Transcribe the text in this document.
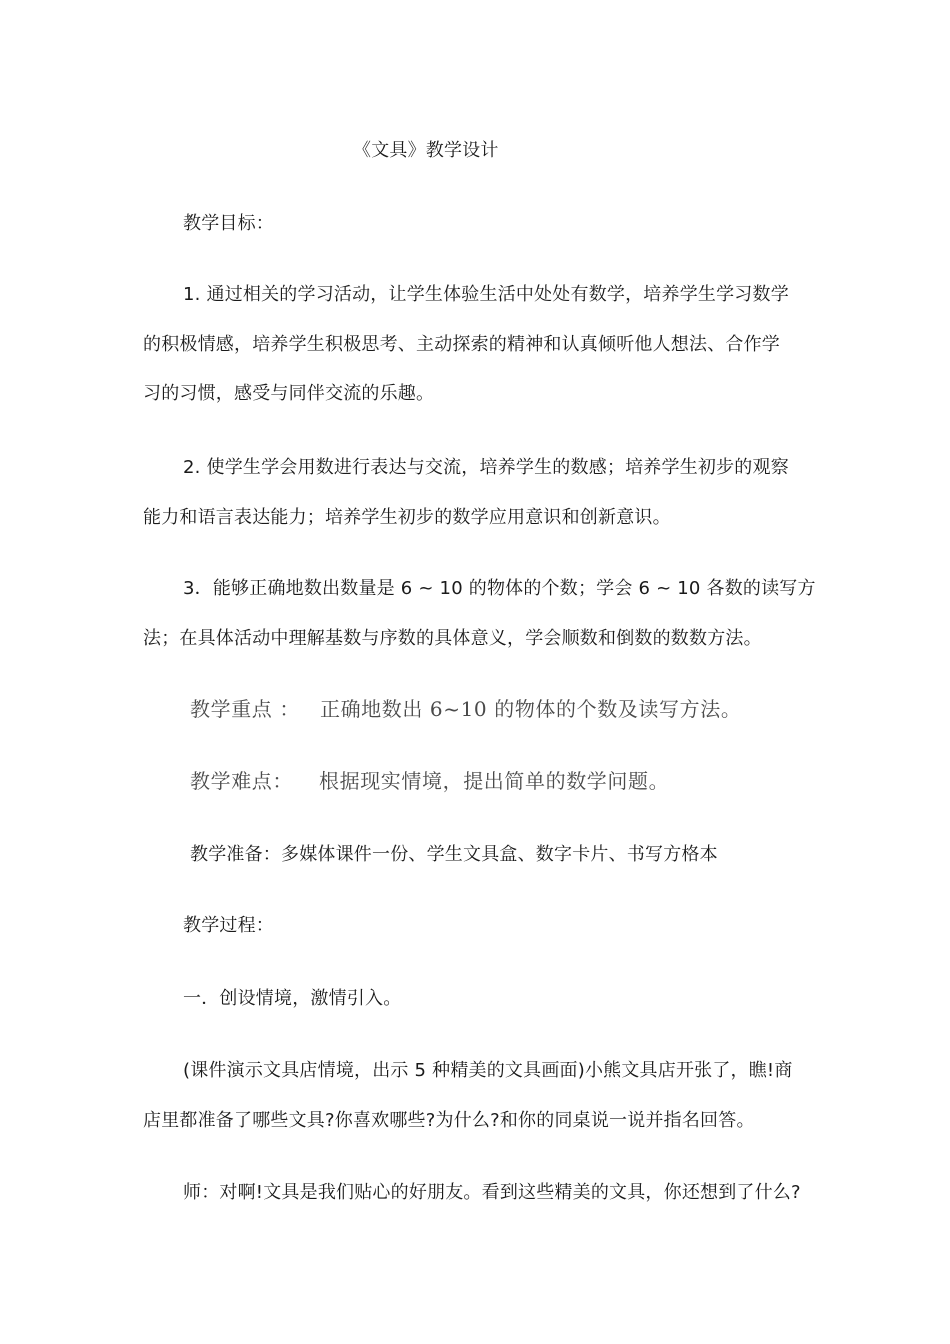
《文具》教学设计
教学目标：
1. 通过相关的学习活动，让学生体验生活中处处有数学，培养学生学习数学
的积极情感，培养学生积极思考、主动探索的精神和认真倾听他人想法、合作学
习的习惯，感受与同伴交流的乐趣。
2. 使学生学会用数进行表达与交流，培养学生的数感；培养学生初步的观察
能力和语言表达能力；培养学生初步的数学应用意识和创新意识。
3．能够正确地数出数量是 6 ~ 10 的物体的个数；学会 6 ~ 10 各数的读写方
法；在具体活动中理解基数与序数的具体意义，学会顺数和倒数的数数方法。
教学重点 ： 正确地数出 6~10 的物体的个数及读写方法。
教学难点： 根据现实情境，提出简单的数学问题。
教学准备：多媒体课件一份、学生文具盒、数字卡片、书写方格本
教学过程：
一．创设情境，激情引入。
(课件演示文具店情境，出示 5 种精美的文具画面)小熊文具店开张了，瞧!商
店里都准备了哪些文具?你喜欢哪些?为什么?和你的同桌说一说并指名回答。
师：对啊!文具是我们贴心的好朋友。看到这些精美的文具，你还想到了什么?
